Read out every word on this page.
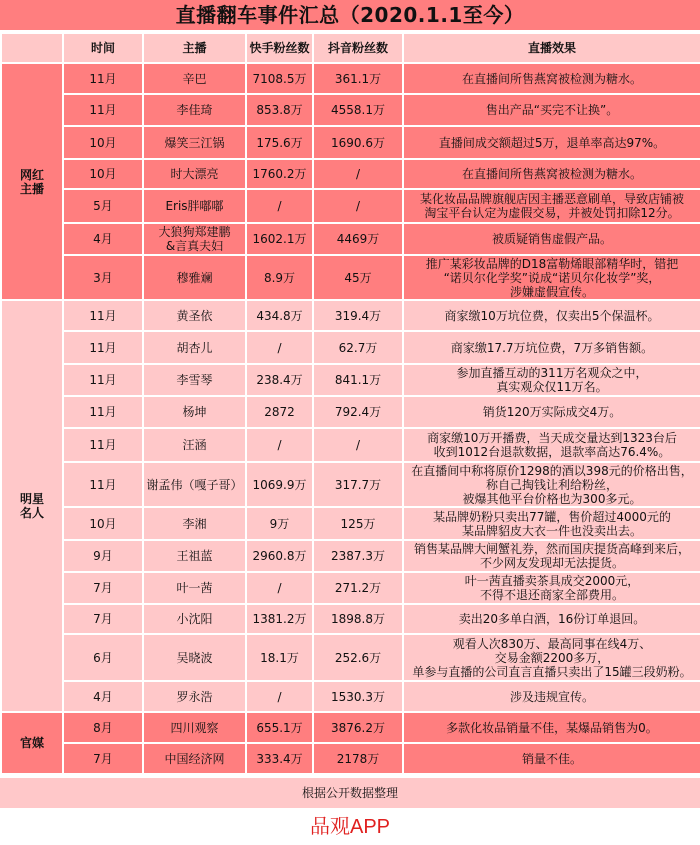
直播翻车事件汇总（2020.1.1至今）
	时间	主播	快手粉丝数	抖音粉丝数	直播效果

网红
主播	11月	辛巴	7108.5万	361.1万	在直播间所售燕窝被检测为糖水。
	11月	李佳琦	853.8万	4558.1万	售出产品“买完不让换”。
	10月	爆笑三江锅	175.6万	1690.6万	直播间成交额超过5万，退单率高达97%。
	10月	时大漂亮	1760.2万	/	在直播间所售燕窝被检测为糖水。
	5月	Eris胖嘟嘟	/	/	某化妆品品牌旗舰店因主播恶意刷单，导致店铺被
淘宝平台认定为虚假交易，并被处罚扣除12分。

	4月	大狼狗郑建鹏
&言真夫妇	1602.1万	4469万	被质疑销售虚假产品。
	3月	穆雅斓	8.9万	45万	推广某彩妆品牌的D18富勒烯眼部精华时，错把
“诺贝尔化学奖”说成“诺贝尔化妆学”奖，
涉嫌虚假宣传。

明星
名人	11月	黄圣依	434.8万	319.4万	商家缴10万坑位费，仅卖出5个保温杯。
	11月	胡杏儿	/	62.7万	商家缴17.7万坑位费，7万多销售额。
	11月	李雪琴	238.4万	841.1万	参加直播互动的311万名观众之中，
真实观众仅11万名。

	11月	杨坤	2872	792.4万	销货120万实际成交4万。
	11月	汪涵	/	/	商家缴10万开播费，当天成交量达到1323台后
收到1012台退款数据，退款率高达76.4%。

	11月	谢孟伟（嘎子哥）	1069.9万	317.7万	在直播间中称将原价1298的酒以398元的价格出售，
称自己掏钱让利给粉丝，
被爆其他平台价格也为300多元。

	10月	李湘	9万	125万	某品牌奶粉只卖出77罐，售价超过4000元的
某品牌貂皮大衣一件也没卖出去。

	9月	王祖蓝	2960.8万	2387.3万	销售某品牌大闸蟹礼券，然而国庆提货高峰到来后，
不少网友发现却无法提货。

	7月	叶一茜	/	271.2万	叶一茜直播卖茶具成交2000元，
不得不退还商家全部费用。

	7月	小沈阳	1381.2万	1898.8万	卖出20多单白酒，16份订单退回。
	6月	吴晓波	18.1万	252.6万	观看人次830万、最高同事在线4万、
交易金额2200多万，
单参与直播的公司直言直播只卖出了15罐三段奶粉。

	4月	罗永浩	/	1530.3万	涉及违规宣传。

官媒	8月	四川观察	655.1万	3876.2万	多款化妆品销量不佳，某爆品销售为0。
	7月	中国经济网	333.4万	2178万	销量不佳。
根据公开数据整理
品观APP
